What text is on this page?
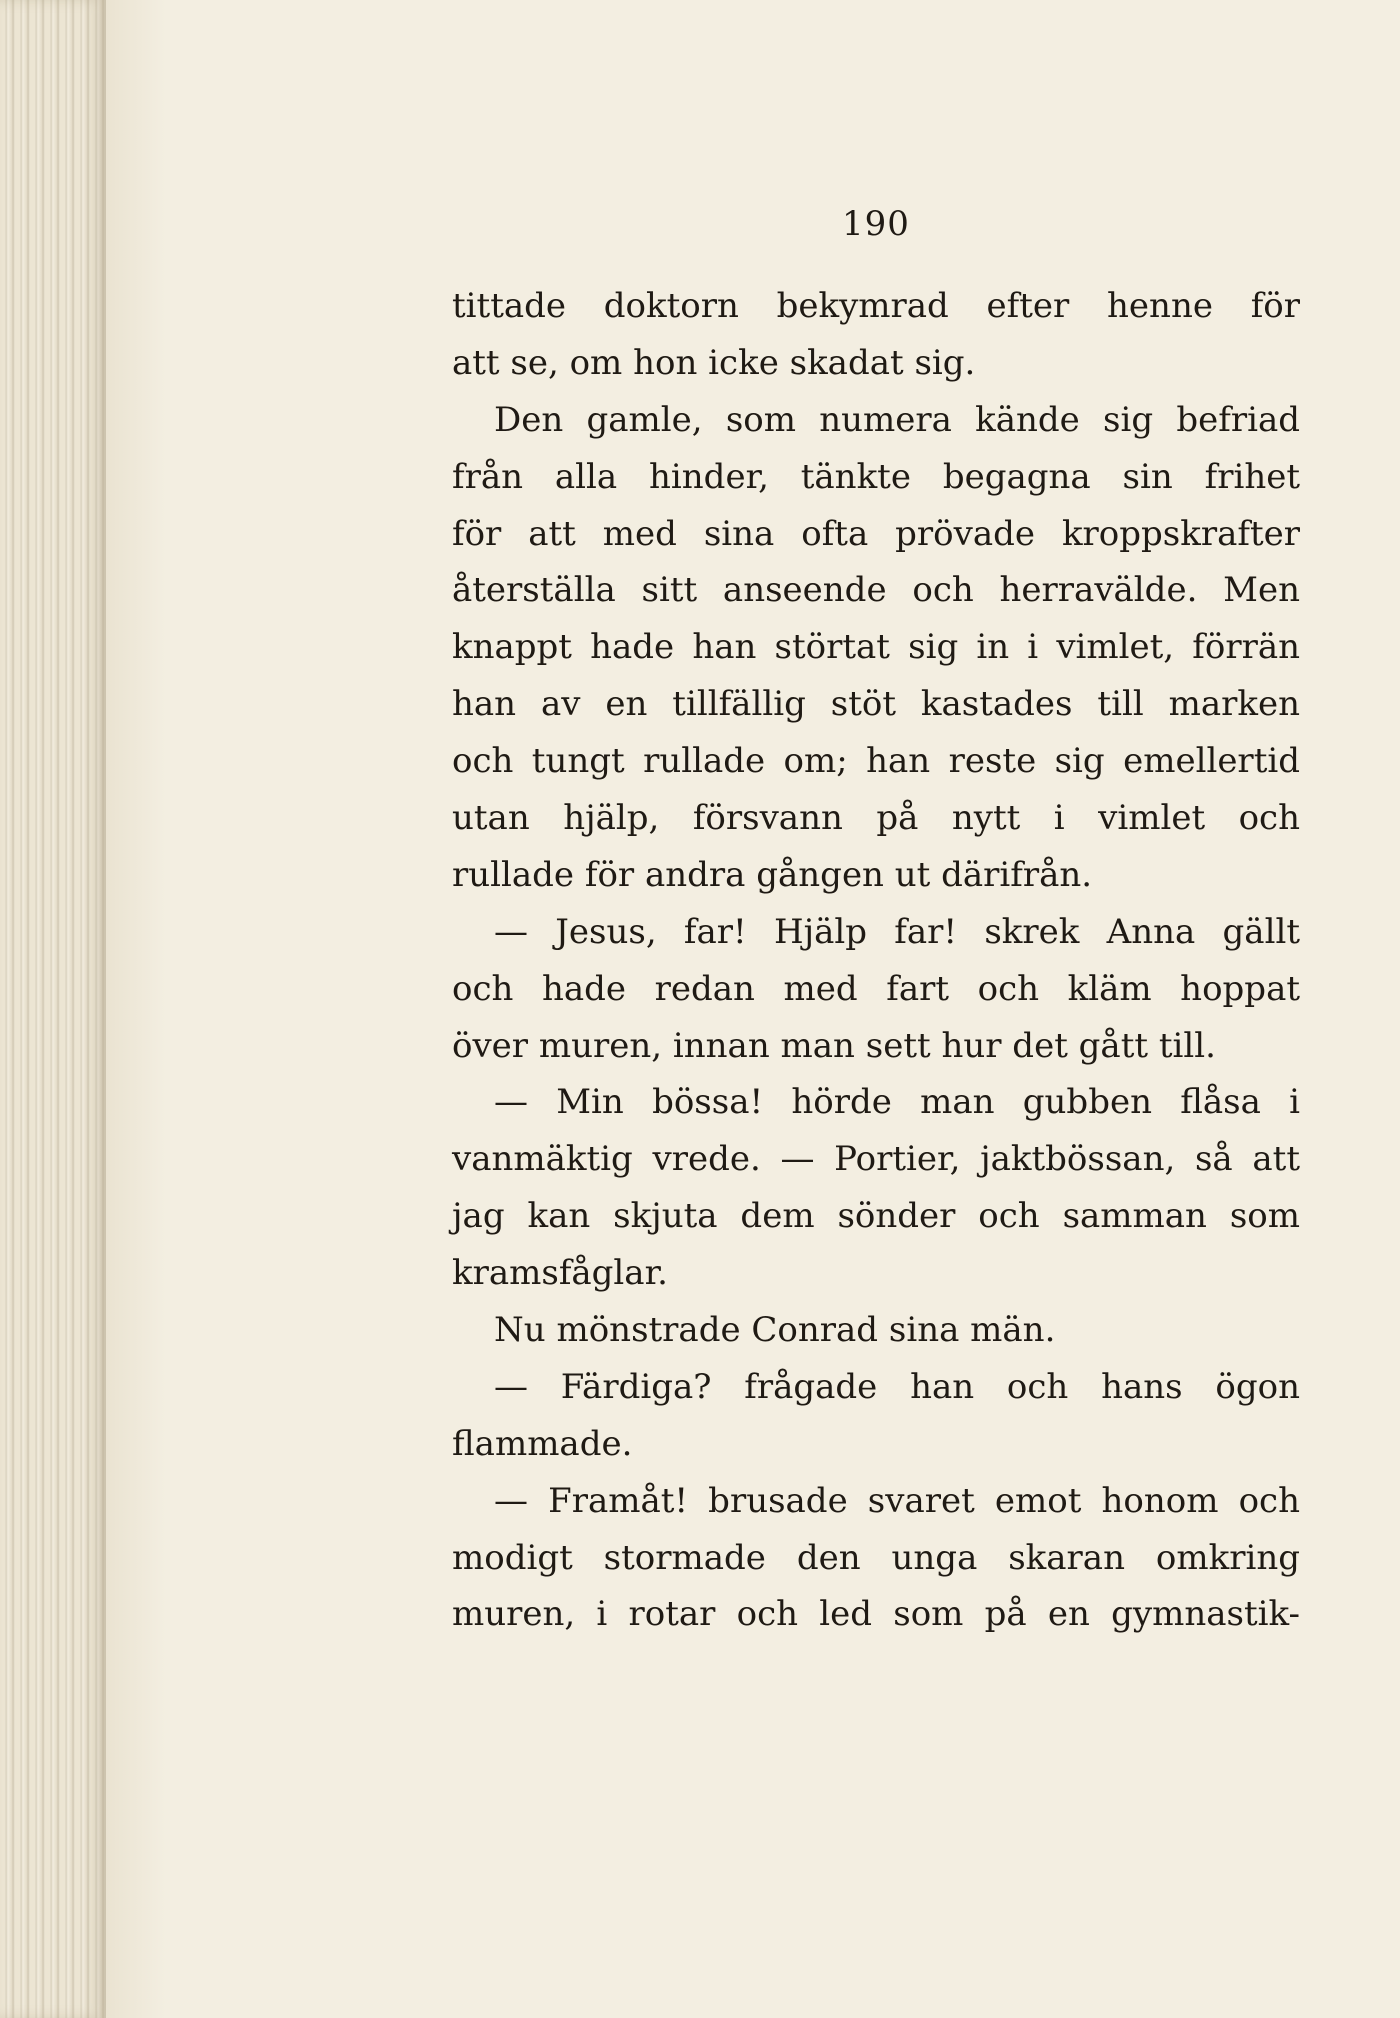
190
tittade doktorn bekymrad efter henne för
att se, om hon icke skadat sig.
Den gamle, som numera kände sig befriad
från alla hinder, tänkte begagna sin frihet
för att med sina ofta prövade kroppskrafter
återställa sitt anseende och herravälde. Men
knappt hade han störtat sig in i vimlet, förrän
han av en tillfällig stöt kastades till marken
och tungt rullade om; han reste sig emellertid
utan hjälp, försvann på nytt i vimlet och
rullade för andra gången ut därifrån.
— Jesus, far! Hjälp far! skrek Anna gällt
och hade redan med fart och kläm hoppat
över muren, innan man sett hur det gått till.
— Min bössa! hörde man gubben flåsa i
vanmäktig vrede. — Portier, jaktbössan, så att
jag kan skjuta dem sönder och samman som
kramsfåglar.
Nu mönstrade Conrad sina män.
— Färdiga? frågade han och hans ögon
flammade.
— Framåt! brusade svaret emot honom och
modigt stormade den unga skaran omkring
muren, i rotar och led som på en gymnastik-
